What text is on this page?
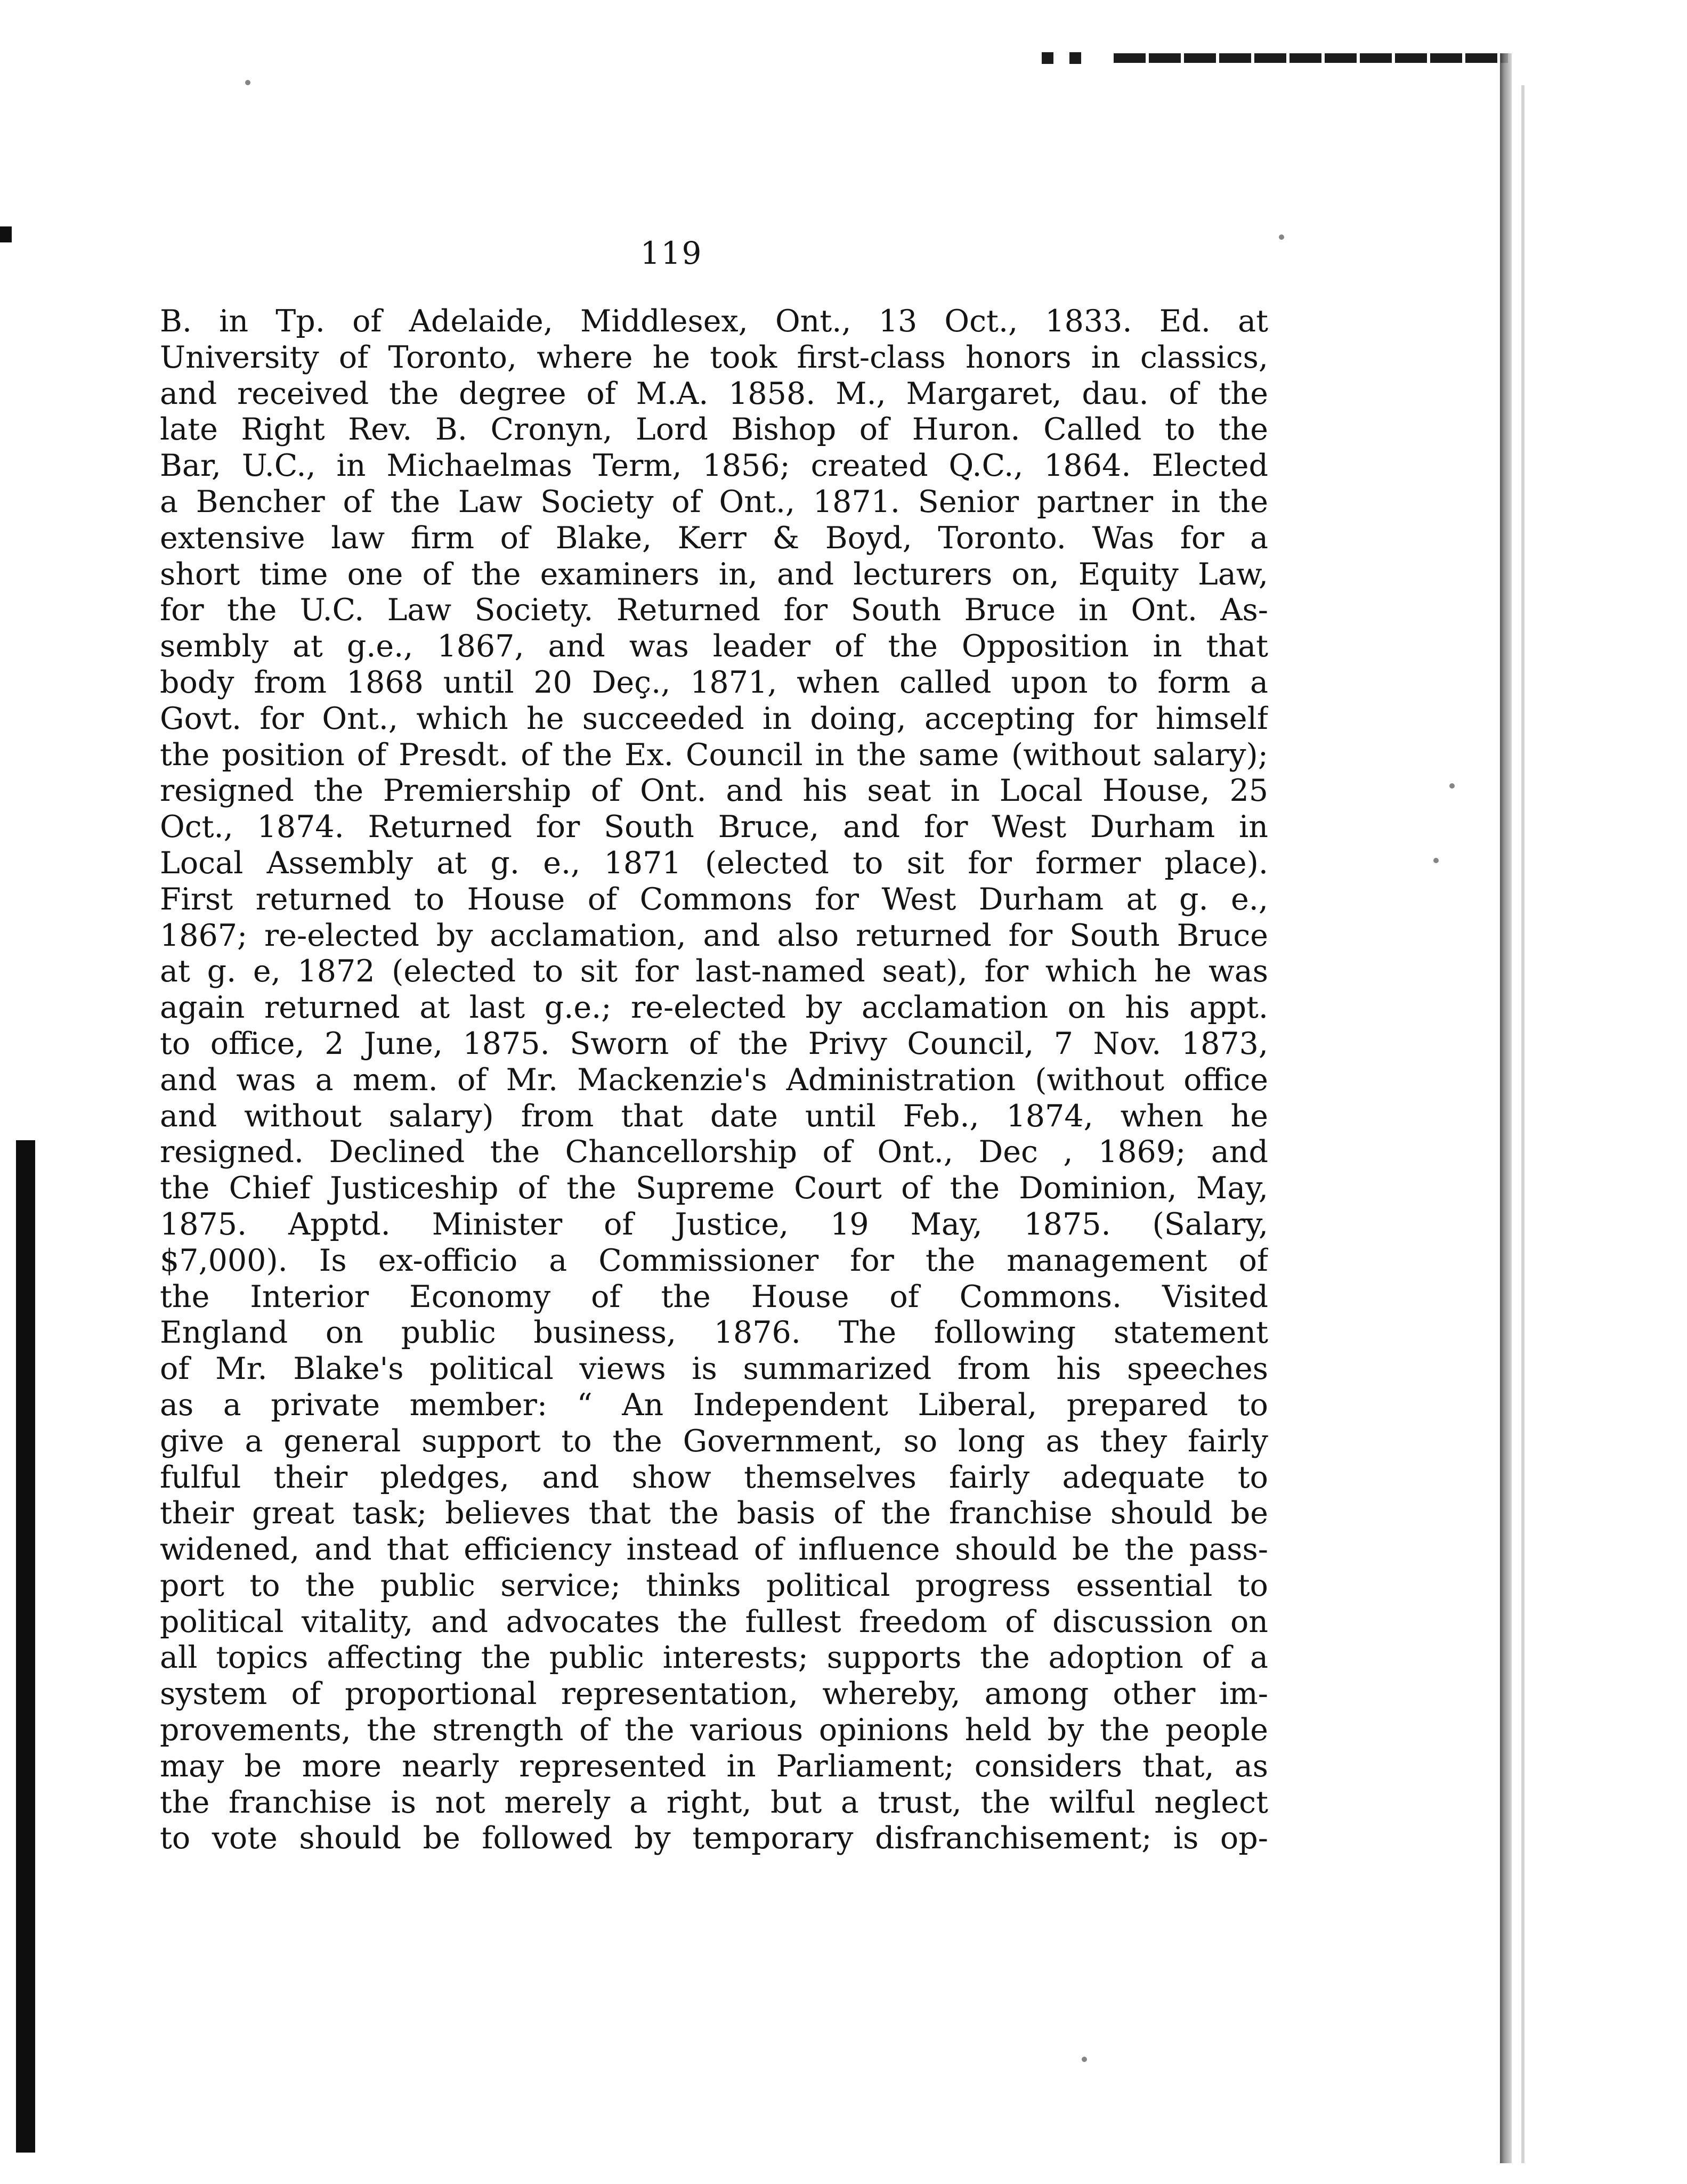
119
B. in Tp. of Adelaide, Middlesex, Ont., 13 Oct., 1833. Ed. at
University of Toronto, where he took first-class honors in classics,
and received the degree of M.A. 1858. M., Margaret, dau. of the
late Right Rev. B. Cronyn, Lord Bishop of Huron. Called to the
Bar, U.C., in Michaelmas Term, 1856; created Q.C., 1864. Elected
a Bencher of the Law Society of Ont., 1871. Senior partner in the
extensive law firm of Blake, Kerr & Boyd, Toronto. Was for a
short time one of the examiners in, and lecturers on, Equity Law,
for the U.C. Law Society. Returned for South Bruce in Ont. As-
sembly at g.e., 1867, and was leader of the Opposition in that
body from 1868 until 20 Deç., 1871, when called upon to form a
Govt. for Ont., which he succeeded in doing, accepting for himself
the position of Presdt. of the Ex. Council in the same (without salary);
resigned the Premiership of Ont. and his seat in Local House, 25
Oct., 1874. Returned for South Bruce, and for West Durham in
Local Assembly at g. e., 1871 (elected to sit for former place).
First returned to House of Commons for West Durham at g. e.,
1867; re-elected by acclamation, and also returned for South Bruce
at g. e, 1872 (elected to sit for last-named seat), for which he was
again returned at last g.e.; re-elected by acclamation on his appt.
to office, 2 June, 1875. Sworn of the Privy Council, 7 Nov. 1873,
and was a mem. of Mr. Mackenzie's Administration (without office
and without salary) from that date until Feb., 1874, when he
resigned. Declined the Chancellorship of Ont., Dec , 1869; and
the Chief Justiceship of the Supreme Court of the Dominion, May,
1875. Apptd. Minister of Justice, 19 May, 1875. (Salary,
$7,000). Is ex-officio a Commissioner for the management of
the Interior Economy of the House of Commons. Visited
England on public business, 1876. The following statement
of Mr. Blake's political views is summarized from his speeches
as a private member: “ An Independent Liberal, prepared to
give a general support to the Government, so long as they fairly
fulful their pledges, and show themselves fairly adequate to
their great task; believes that the basis of the franchise should be
widened, and that efficiency instead of influence should be the pass-
port to the public service; thinks political progress essential to
political vitality, and advocates the fullest freedom of discussion on
all topics affecting the public interests; supports the adoption of a
system of proportional representation, whereby, among other im-
provements, the strength of the various opinions held by the people
may be more nearly represented in Parliament; considers that, as
the franchise is not merely a right, but a trust, the wilful neglect
to vote should be followed by temporary disfranchisement; is op-
